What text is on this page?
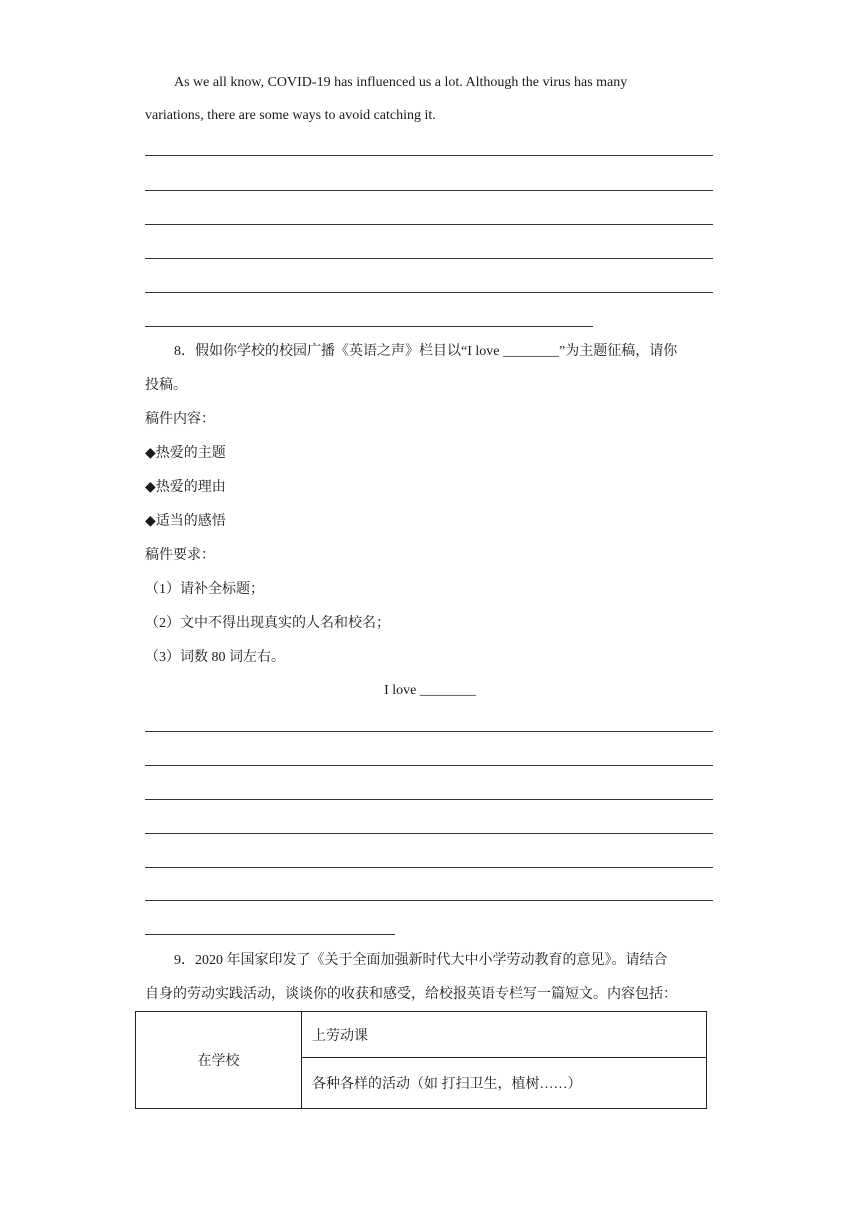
As we all know, COVID-19 has influenced us a lot. Although the virus has many
variations, there are some ways to avoid catching it.
8．假如你学校的校园广播《英语之声》栏目以“I love ________”为主题征稿，请你
投稿。
稿件内容：
◆热爱的主题
◆热爱的理由
◆适当的感悟
稿件要求：
（1）请补全标题；
（2）文中不得出现真实的人名和校名；
（3）词数 80 词左右。
I love ________
9．2020 年国家印发了《关于全面加强新时代大中小学劳动教育的意见》。请结合
自身的劳动实践活动，谈谈你的收获和感受，给校报英语专栏写一篇短文。内容包括：
在学校	上劳动课
各种各样的活动（如 打扫卫生，植树……）
